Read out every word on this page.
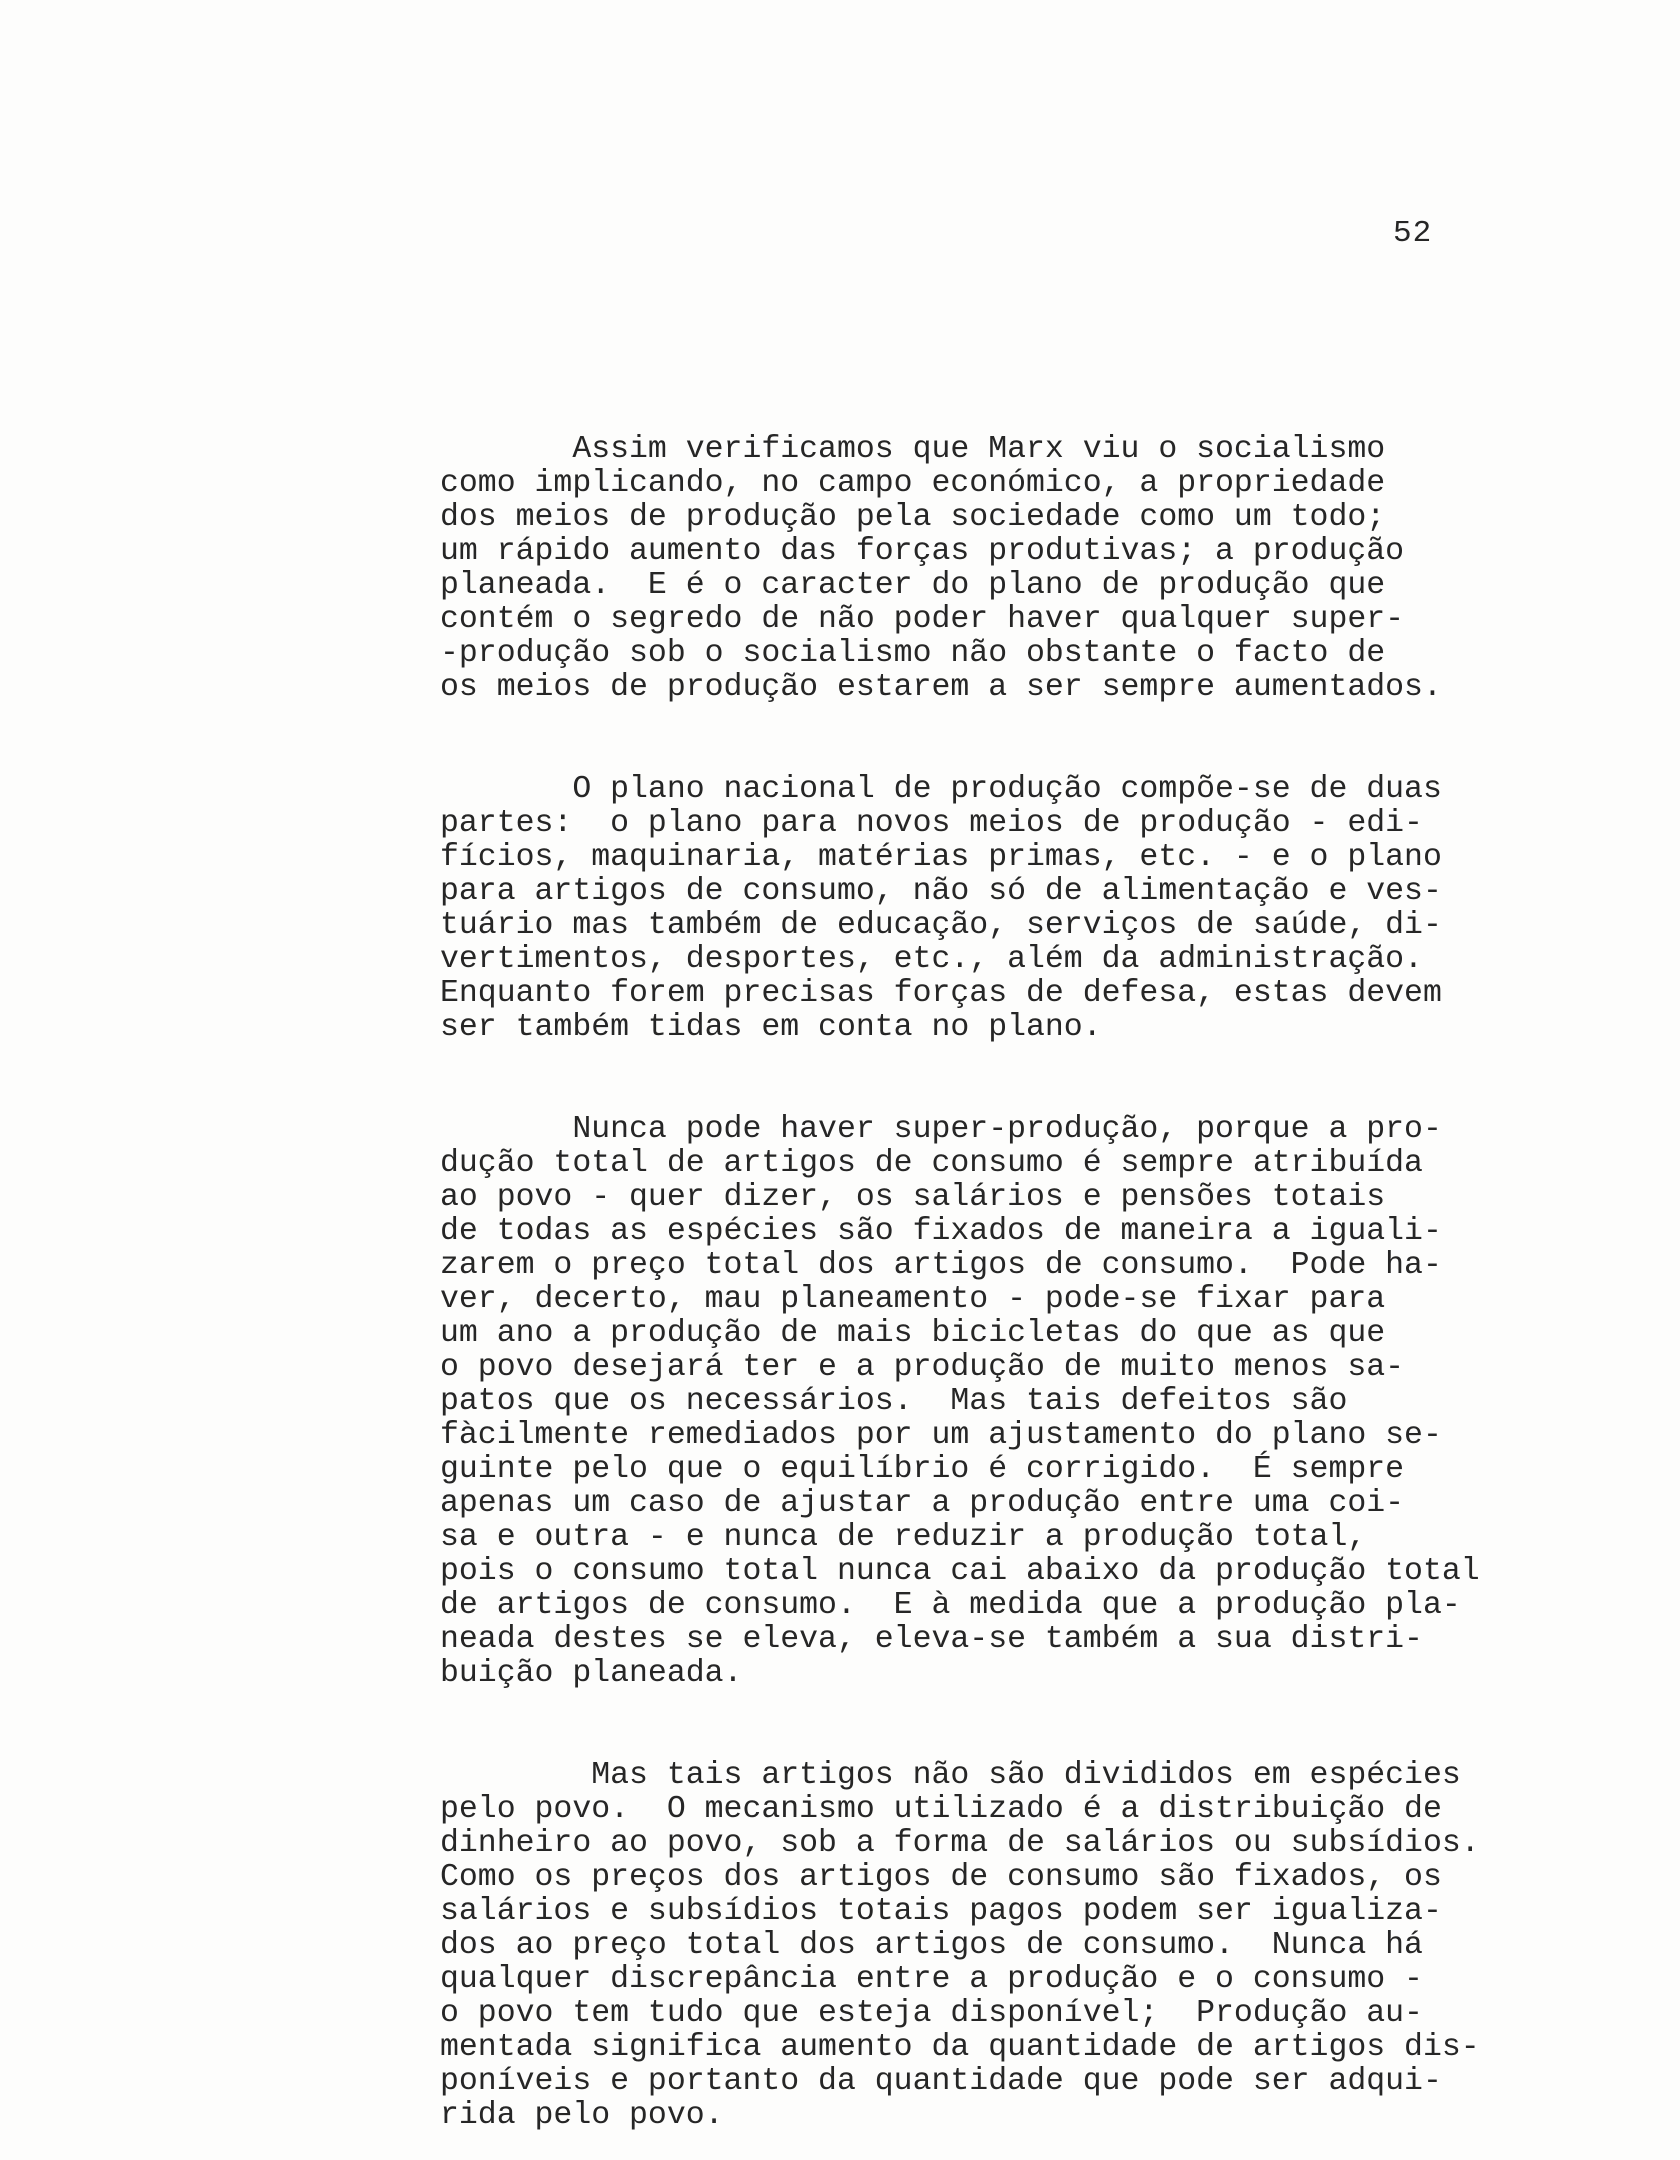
52

Assim verificamos que Marx viu o socialismo
como implicando, no campo económico, a propriedade
dos meios de produção pela sociedade como um todo;
um rápido aumento das forças produtivas; a produção
planeada.  E é o caracter do plano de produção que
contém o segredo de não poder haver qualquer super-
-produção sob o socialismo não obstante o facto de
os meios de produção estarem a ser sempre aumentados.
O plano nacional de produção compõe-se de duas
partes:  o plano para novos meios de produção - edi-
fícios, maquinaria, matérias primas, etc. - e o plano
para artigos de consumo, não só de alimentação e ves-
tuário mas também de educação, serviços de saúde, di-
vertimentos, desportes, etc., além da administração.
Enquanto forem precisas forças de defesa, estas devem
ser também tidas em conta no plano.
Nunca pode haver super-produção, porque a pro-
dução total de artigos de consumo é sempre atribuída
ao povo - quer dizer, os salários e pensões totais
de todas as espécies são fixados de maneira a iguali-
zarem o preço total dos artigos de consumo.  Pode ha-
ver, decerto, mau planeamento - pode-se fixar para
um ano a produção de mais bicicletas do que as que
o povo desejará ter e a produção de muito menos sa-
patos que os necessários.  Mas tais defeitos são
fàcilmente remediados por um ajustamento do plano se-
guinte pelo que o equilíbrio é corrigido.  É sempre
apenas um caso de ajustar a produção entre uma coi-
sa e outra - e nunca de reduzir a produção total,
pois o consumo total nunca cai abaixo da produção total
de artigos de consumo.  E à medida que a produção pla-
neada destes se eleva, eleva-se também a sua distri-
buição planeada.
Mas tais artigos não são divididos em espécies
pelo povo.  O mecanismo utilizado é a distribuição de
dinheiro ao povo, sob a forma de salários ou subsídios.
Como os preços dos artigos de consumo são fixados, os
salários e subsídios totais pagos podem ser igualiza-
dos ao preço total dos artigos de consumo.  Nunca há
qualquer discrepância entre a produção e o consumo -
o povo tem tudo que esteja disponível;  Produção au-
mentada significa aumento da quantidade de artigos dis-
poníveis e portanto da quantidade que pode ser adqui-
rida pelo povo.
